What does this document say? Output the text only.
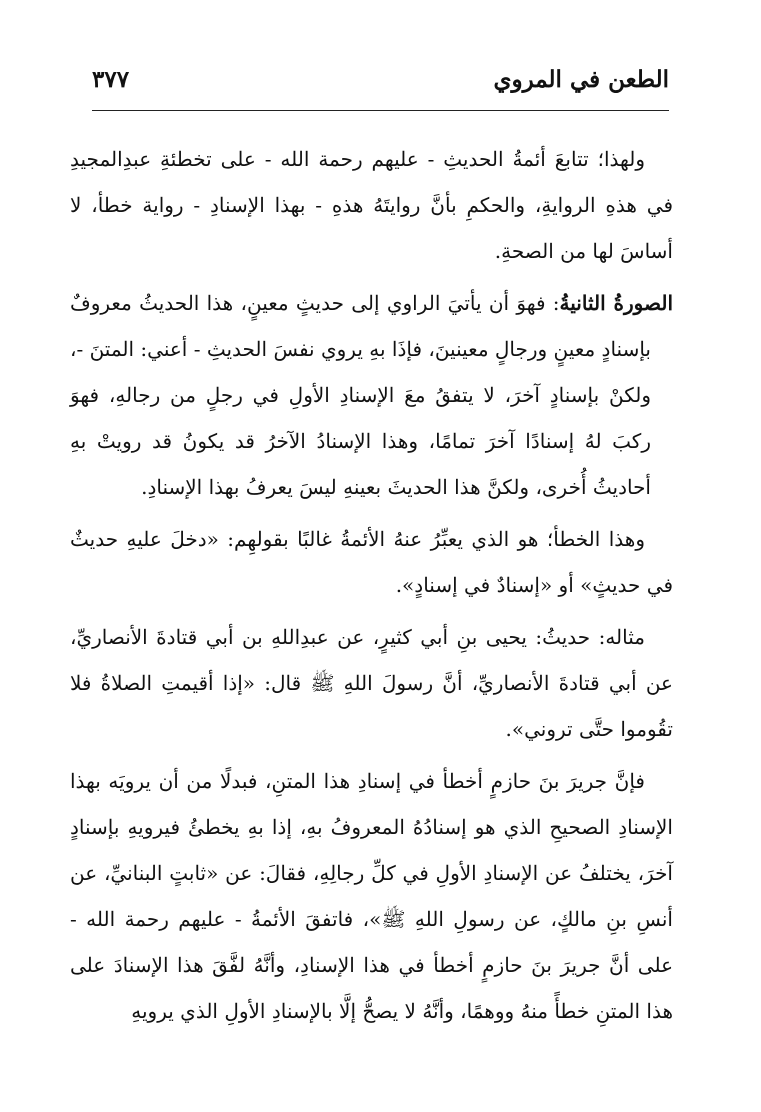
الطعن في المروي
٣٧٧

ولهذا؛ تتابعَ أئمةُ الحديثِ - عليهم رحمة الله - على تخطئةِ عبدِالمجيدِ في هذهِ الروايةِ، والحكمِ بأنَّ روايتَهُ هذهِ - بهذا الإسنادِ - رواية خطأ، لا أساسَ لها من الصحةِ.

الصورةُ الثانيةُ: فهوَ أن يأتيَ الراوي إلى حديثٍ معينٍ، هذا الحديثُ معروفٌ بإسنادٍ معينٍ ورجالٍ معينينَ، فإذَا بهِ يروي نفسَ الحديثِ - أعني: المتنَ -، ولكنْ بإسنادٍ آخرَ، لا يتفقُ معَ الإسنادِ الأولِ في رجلٍ من رجالهِ، فهوَ ركبَ لهُ إسنادًا آخرَ تمامًا، وهذا الإسنادُ الآخرُ قد يكونُ قد رويتْ بهِ أحاديثُ أُخرى، ولكنَّ هذا الحديثَ بعينهِ ليسَ يعرفُ بهذا الإسنادِ.

وهذا الخطأ؛ هو الذي يعبِّرُ عنهُ الأئمةُ غالبًا بقولهِم: «دخلَ عليهِ حديثٌ في حديثٍ» أو «إسنادٌ في إسنادٍ».

مثاله: حديثُ: يحيى بنِ أبي كثيرٍ، عن عبدِاللهِ بن أبي قتادةَ الأنصاريِّ، عن أبي قتادةَ الأنصاريِّ، أنَّ رسولَ اللهِ ﷺ قال: «إذا أقيمتِ الصلاةُ فلا تقُوموا حتَّى تروني».

فإنَّ جريرَ بنَ حازمٍ أخطأ في إسنادِ هذا المتنِ، فبدلًا من أن يرويَه بهذا الإسنادِ الصحيحِ الذي هو إسنادُهُ المعروفُ بهِ، إذا بهِ يخطئُ فيرويهِ بإسنادٍ آخرَ، يختلفُ عن الإسنادِ الأولِ في كلِّ رجالِهِ، فقالَ: عن «ثابتٍ البنانيِّ، عن أنسِ بنِ مالكٍ، عن رسولِ اللهِ ﷺ»، فاتفقَ الأئمةُ - عليهم رحمة الله - على أنَّ جريرَ بنَ حازمٍ أخطأ في هذا الإسنادِ، وأنَّهُ لفَّقَ هذا الإسنادَ على هذا المتنِ خطأً منهُ ووهمًا، وأنَّهُ لا يصحُّ إلَّا بالإسنادِ الأولِ الذي يرويهِ
